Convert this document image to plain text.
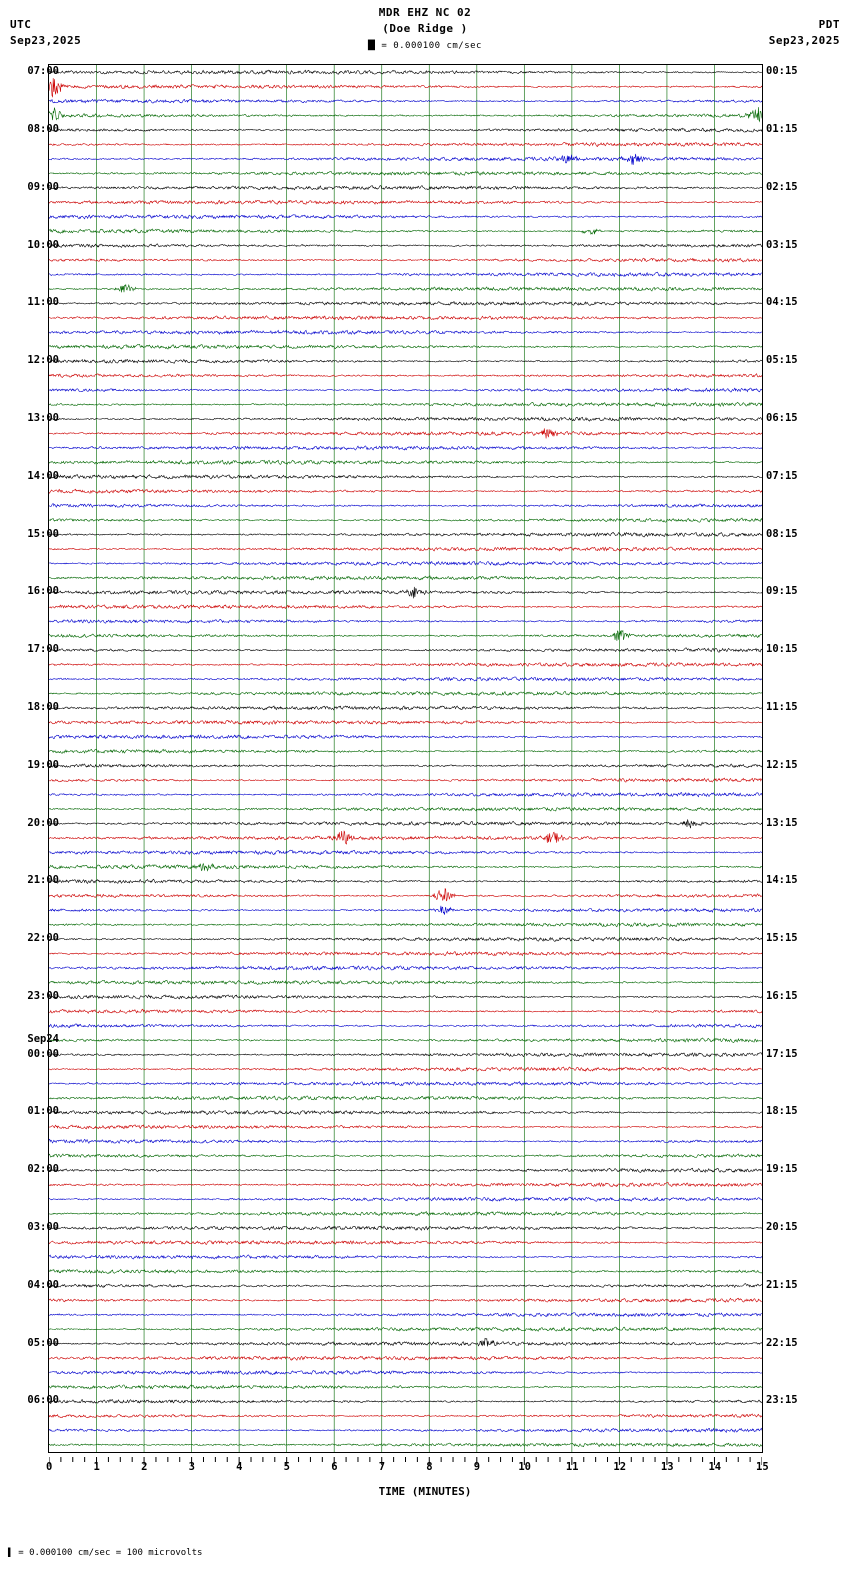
UTC
Sep23,2025
PDT
Sep23,2025
MDR EHZ NC 02
(Doe Ridge )
█ = 0.000100 cm/sec
TIME (MINUTES)
▌ = 0.000100 cm/sec = 100 microvolts
07:00
08:00
09:00
10:00
11:00
12:00
13:00
14:00
15:00
16:00
17:00
18:00
19:00
20:00
21:00
22:00
23:00
Sep24
00:00
01:00
02:00
03:00
04:00
05:00
06:00
00:15
01:15
02:15
03:15
04:15
05:15
06:15
07:15
08:15
09:15
10:15
11:15
12:15
13:15
14:15
15:15
16:15
17:15
18:15
19:15
20:15
21:15
22:15
23:15
0	1	2	3	4	5	6	7	8	9	10	11	12	13	14	15
